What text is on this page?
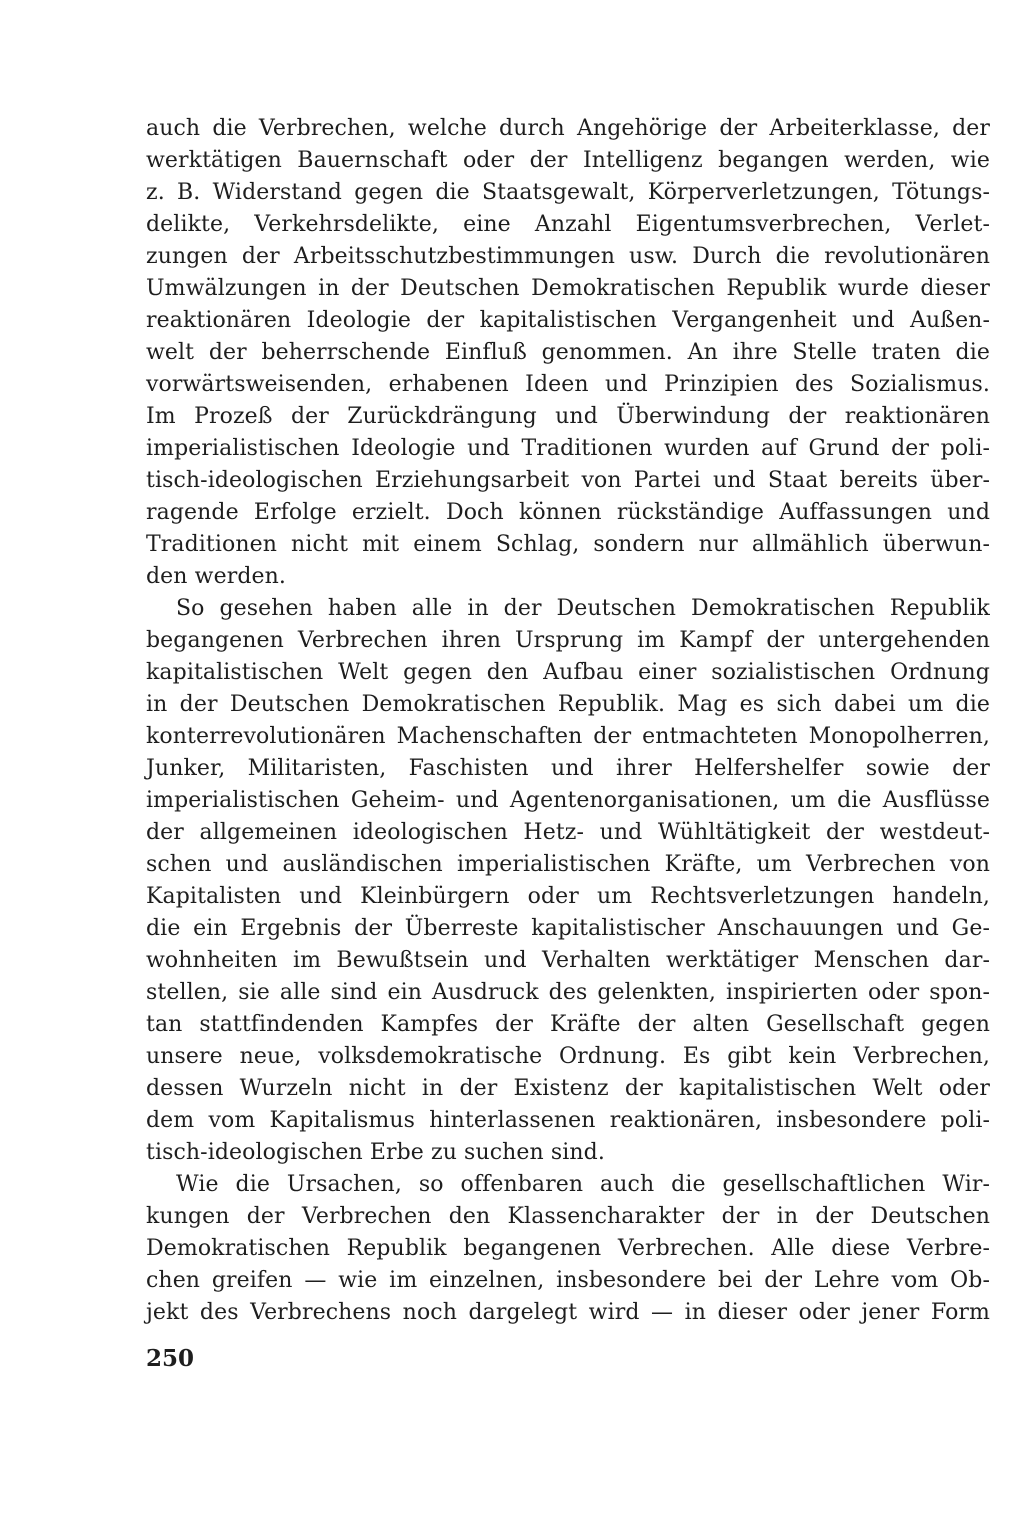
auch die Verbrechen, welche durch Angehörige der Arbeiterklasse, der
werktätigen Bauernschaft oder der Intelligenz begangen werden, wie
z. B. Widerstand gegen die Staatsgewalt, Körperverletzungen, Tötungs-
delikte, Verkehrsdelikte, eine Anzahl Eigentumsverbrechen, Verlet-
zungen der Arbeitsschutzbestimmungen usw. Durch die revolutionären
Umwälzungen in der Deutschen Demokratischen Republik wurde dieser
reaktionären Ideologie der kapitalistischen Vergangenheit und Außen-
welt der beherrschende Einfluß genommen. An ihre Stelle traten die
vorwärtsweisenden, erhabenen Ideen und Prinzipien des Sozialismus.
Im Prozeß der Zurückdrängung und Überwindung der reaktionären
imperialistischen Ideologie und Traditionen wurden auf Grund der poli-
tisch-ideologischen Erziehungsarbeit von Partei und Staat bereits über-
ragende Erfolge erzielt. Doch können rückständige Auffassungen und
Traditionen nicht mit einem Schlag, sondern nur allmählich überwun-
den werden.

So gesehen haben alle in der Deutschen Demokratischen Republik
begangenen Verbrechen ihren Ursprung im Kampf der untergehenden
kapitalistischen Welt gegen den Aufbau einer sozialistischen Ordnung
in der Deutschen Demokratischen Republik. Mag es sich dabei um die
konterrevolutionären Machenschaften der entmachteten Monopolherren,
Junker, Militaristen, Faschisten und ihrer Helfershelfer sowie der
imperialistischen Geheim- und Agentenorganisationen, um die Ausflüsse
der allgemeinen ideologischen Hetz- und Wühltätigkeit der westdeut-
schen und ausländischen imperialistischen Kräfte, um Verbrechen von
Kapitalisten und Kleinbürgern oder um Rechtsverletzungen handeln,
die ein Ergebnis der Überreste kapitalistischer Anschauungen und Ge-
wohnheiten im Bewußtsein und Verhalten werktätiger Menschen dar-
stellen, sie alle sind ein Ausdruck des gelenkten, inspirierten oder spon-
tan stattfindenden Kampfes der Kräfte der alten Gesellschaft gegen
unsere neue, volksdemokratische Ordnung. Es gibt kein Verbrechen,
dessen Wurzeln nicht in der Existenz der kapitalistischen Welt oder
dem vom Kapitalismus hinterlassenen reaktionären, insbesondere poli-
tisch-ideologischen Erbe zu suchen sind.

Wie die Ursachen, so offenbaren auch die gesellschaftlichen Wir-
kungen der Verbrechen den Klassencharakter der in der Deutschen
Demokratischen Republik begangenen Verbrechen. Alle diese Verbre-
chen greifen — wie im einzelnen, insbesondere bei der Lehre vom Ob-
jekt des Verbrechens noch dargelegt wird — in dieser oder jener Form

250
